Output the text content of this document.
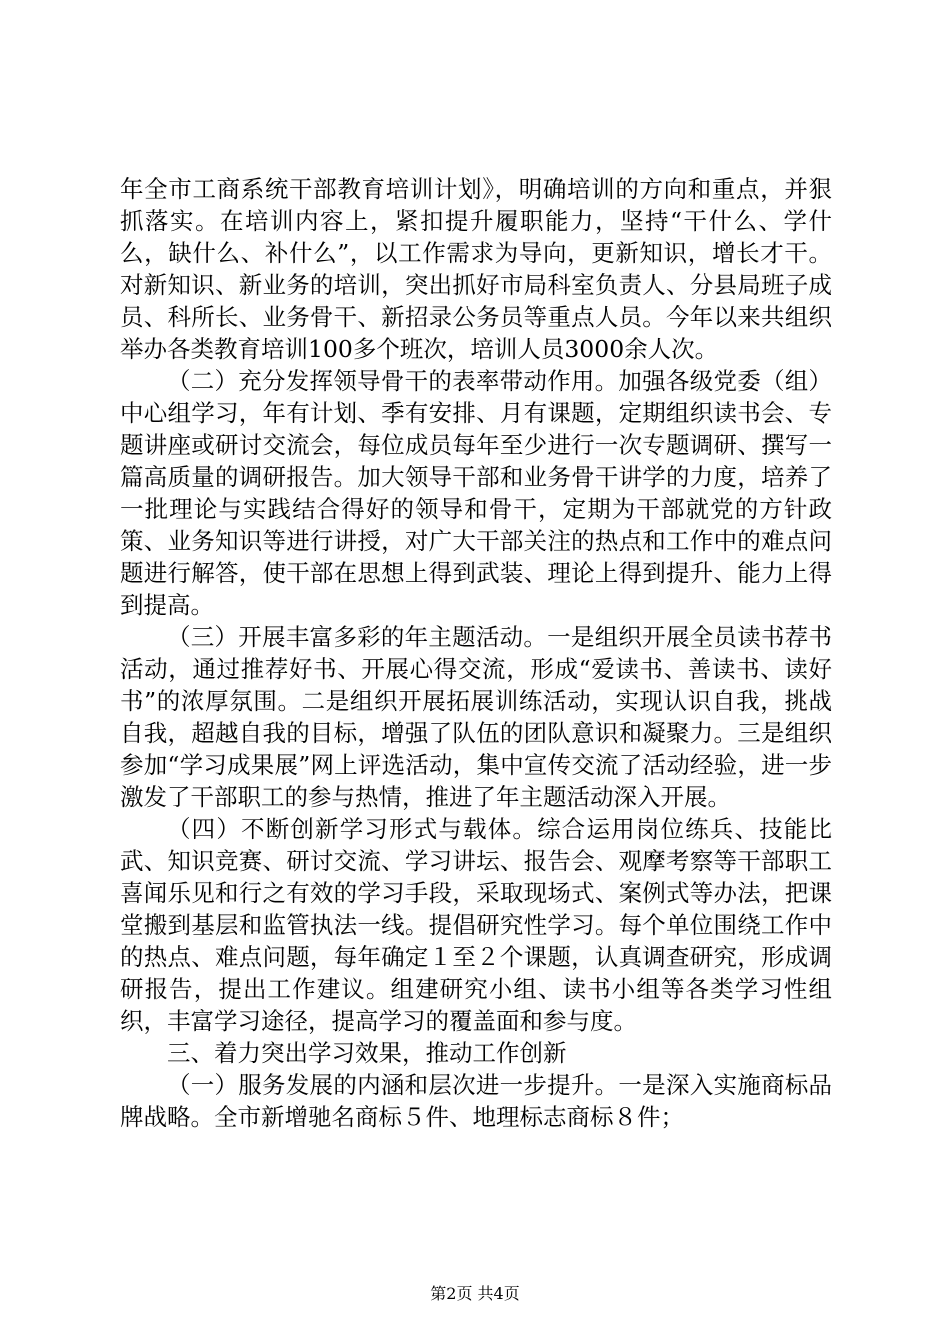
年全市工商系统干部教育培训计划》，明确培训的方向和重点，并狠抓落实。在培训内容上，紧扣提升履职能力，坚持“干什么、学什么，缺什么、补什么”，以工作需求为导向，更新知识，增长才干。对新知识、新业务的培训，突出抓好市局科室负责人、分县局班子成员、科所长、业务骨干、新招录公务员等重点人员。今年以来共组织举办各类教育培训100多个班次，培训人员3000余人次。

（二）充分发挥领导骨干的表率带动作用。加强各级党委（组）中心组学习，年有计划、季有安排、月有课题，定期组织读书会、专题讲座或研讨交流会，每位成员每年至少进行一次专题调研、撰写一篇高质量的调研报告。加大领导干部和业务骨干讲学的力度，培养了一批理论与实践结合得好的领导和骨干，定期为干部就党的方针政策、业务知识等进行讲授，对广大干部关注的热点和工作中的难点问题进行解答，使干部在思想上得到武装、理论上得到提升、能力上得到提高。

（三）开展丰富多彩的年主题活动。一是组织开展全员读书荐书活动，通过推荐好书、开展心得交流，形成“爱读书、善读书、读好书”的浓厚氛围。二是组织开展拓展训练活动，实现认识自我，挑战自我，超越自我的目标，增强了队伍的团队意识和凝聚力。三是组织参加“学习成果展”网上评选活动，集中宣传交流了活动经验，进一步激发了干部职工的参与热情，推进了年主题活动深入开展。

（四）不断创新学习形式与载体。综合运用岗位练兵、技能比武、知识竞赛、研讨交流、学习讲坛、报告会、观摩考察等干部职工喜闻乐见和行之有效的学习手段，采取现场式、案例式等办法，把课堂搬到基层和监管执法一线。提倡研究性学习。每个单位围绕工作中的热点、难点问题，每年确定１至２个课题，认真调查研究，形成调研报告，提出工作建议。组建研究小组、读书小组等各类学习性组织，丰富学习途径，提高学习的覆盖面和参与度。

三、着力突出学习效果，推动工作创新

（一）服务发展的内涵和层次进一步提升。一是深入实施商标品牌战略。全市新增驰名商标５件、地理标志商标８件；

第2页 共4页
